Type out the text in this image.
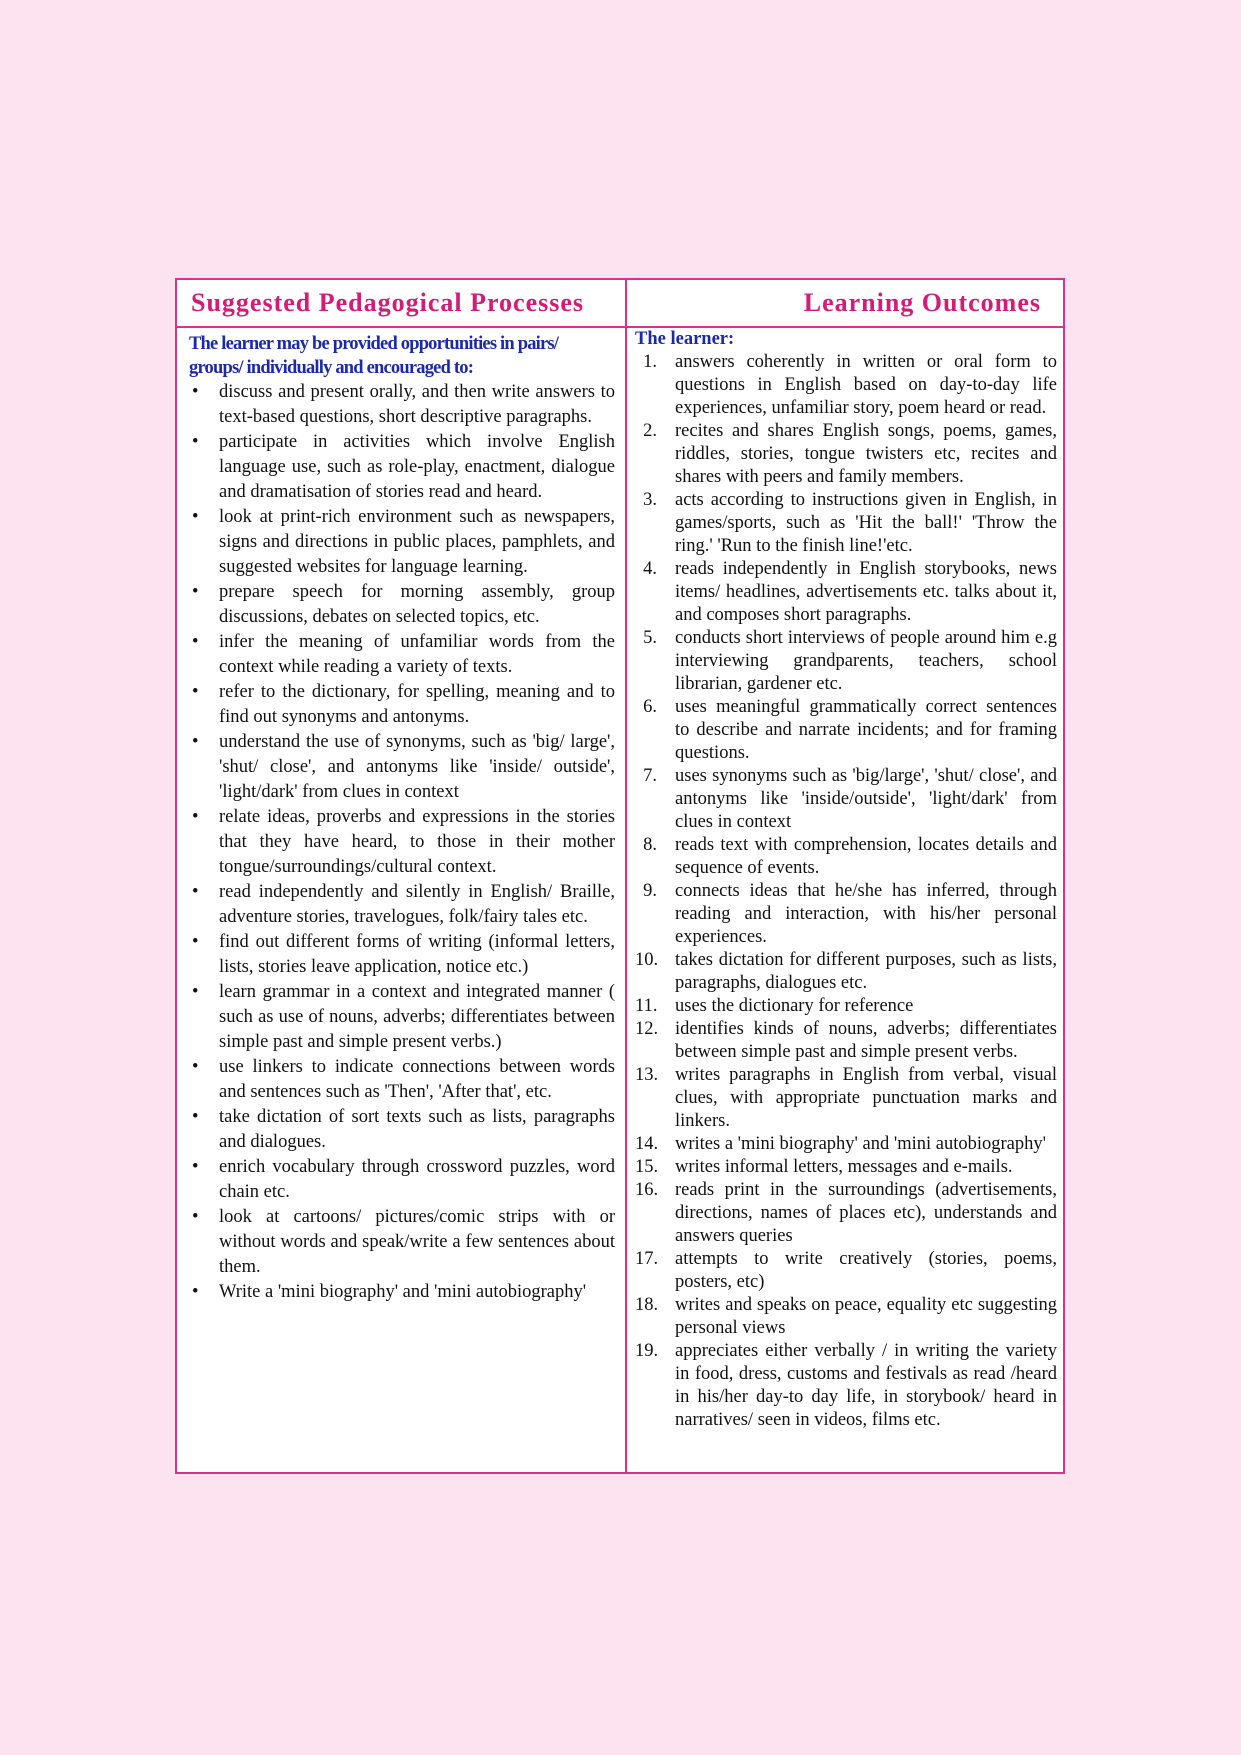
Suggested Pedagogical Processes	Learning Outcomes
The learner may be provided opportunities in pairs/ groups/ individually and encouraged to:
• discuss and present orally, and then write answers to text-based questions, short descriptive paragraphs.
• participate in activities which involve English language use, such as role-play, enactment, dialogue and dramatisation of stories read and heard.
• look at print-rich environment such as newspapers, signs and directions in public places, pamphlets, and suggested websites for language learning.
• prepare speech for morning assembly, group discussions, debates on selected topics, etc.
• infer the meaning of unfamiliar words from the context while reading a variety of texts.
• refer to the dictionary, for spelling, meaning and to find out synonyms and antonyms.
• understand the use of synonyms, such as 'big/ large', 'shut/ close', and antonyms like 'inside/ outside', 'light/dark' from clues in context
• relate ideas, proverbs and expressions in the stories that they have heard, to those in their mother tongue/surroundings/cultural context.
• read independently and silently in English/ Braille, adventure stories, travelogues, folk/fairy tales etc.
• find out different forms of writing (informal letters, lists, stories leave application, notice etc.)
• learn grammar in a context and integrated manner ( such as use of nouns, adverbs; differentiates between simple past and simple present verbs.)
• use linkers to indicate connections between words and sentences such as 'Then', 'After that', etc.
• take dictation of sort texts such as lists, paragraphs and dialogues.
• enrich vocabulary through crossword puzzles, word chain etc.
• look at cartoons/ pictures/comic strips with or without words and speak/write a few sentences about them.
• Write a 'mini biography' and 'mini autobiography'
The learner:
1. answers coherently in written or oral form to questions in English based on day-to-day life experiences, unfamiliar story, poem heard or read.
2. recites and shares English songs, poems, games, riddles, stories, tongue twisters etc, recites and shares with peers and family members.
3. acts according to instructions given in English, in games/sports, such as 'Hit the ball!' 'Throw the ring.' 'Run to the finish line!'etc.
4. reads independently in English storybooks, news items/ headlines, advertisements etc. talks about it, and composes short paragraphs.
5. conducts short interviews of people around him e.g interviewing grandparents, teachers, school librarian, gardener etc.
6. uses meaningful grammatically correct sentences to describe and narrate incidents; and for framing questions.
7. uses synonyms such as 'big/large', 'shut/ close', and antonyms like 'inside/outside', 'light/dark' from clues in context
8. reads text with comprehension, locates details and sequence of events.
9. connects ideas that he/she has inferred, through reading and interaction, with his/her personal experiences.
10. takes dictation for different purposes, such as lists, paragraphs, dialogues etc.
11. uses the dictionary for reference
12. identifies kinds of nouns, adverbs; differentiates between simple past and simple present verbs.
13. writes paragraphs in English from verbal, visual clues, with appropriate punctuation marks and linkers.
14. writes a 'mini biography' and 'mini autobiography'
15. writes informal letters, messages and e-mails.
16. reads print in the surroundings (advertisements, directions, names of places etc), understands and answers queries
17. attempts to write creatively (stories, poems, posters, etc)
18. writes and speaks on peace, equality etc suggesting personal views
19. appreciates either verbally / in writing the variety in food, dress, customs and festivals as read /heard in his/her day-to day life, in storybook/ heard in narratives/ seen in videos, films etc.
